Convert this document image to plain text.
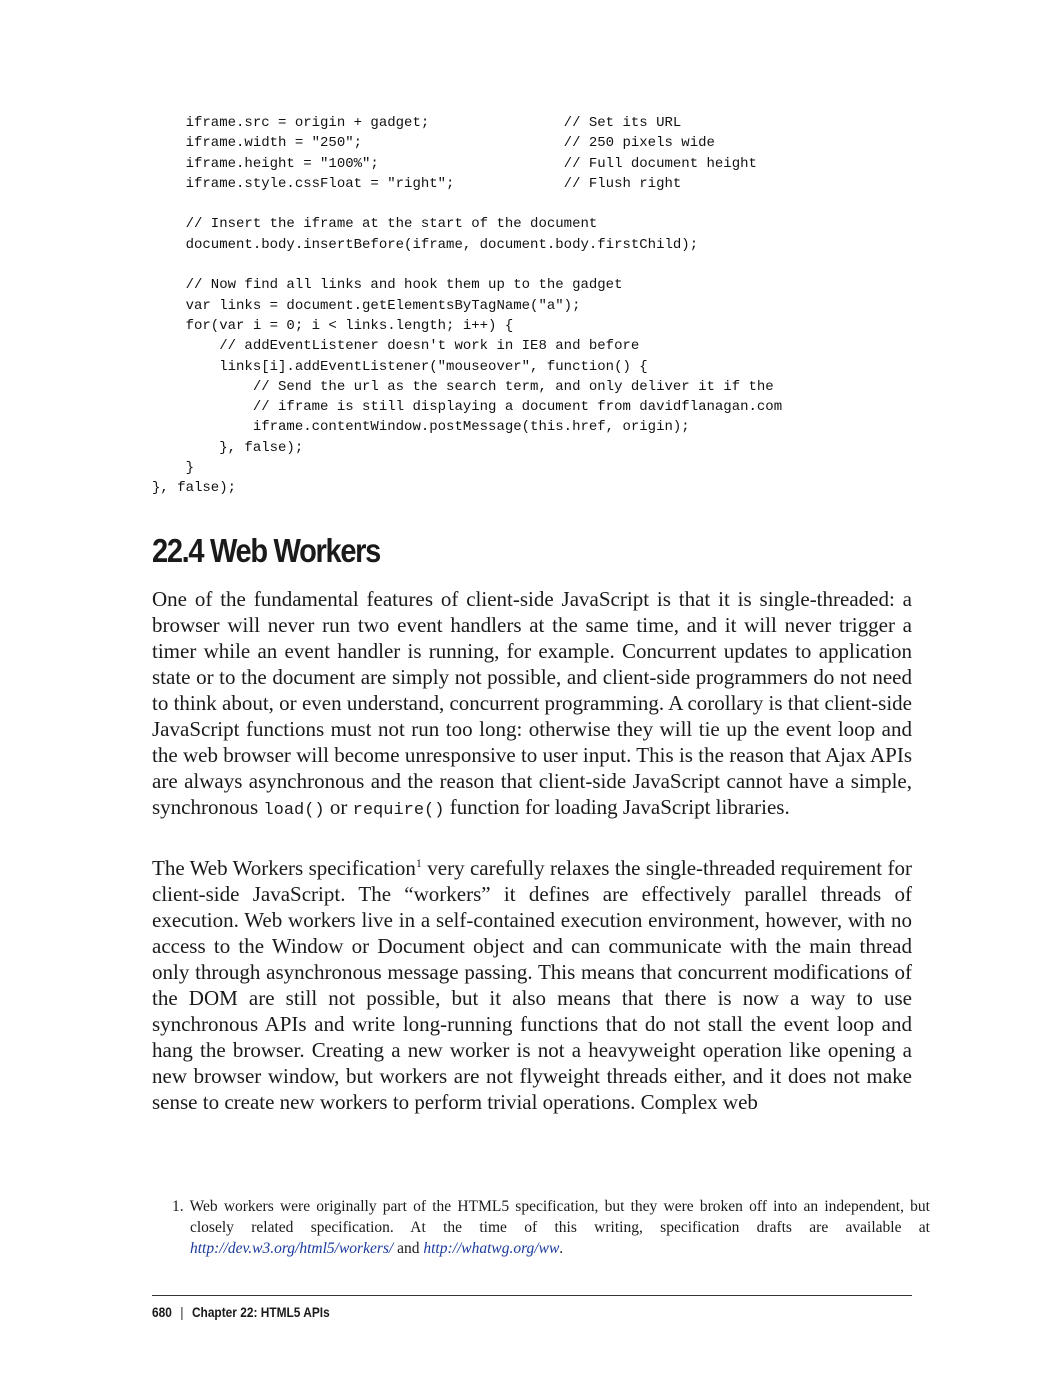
iframe.src = origin + gadget;                // Set its URL
iframe.width = "250";                        // 250 pixels wide
iframe.height = "100%";                      // Full document height
iframe.style.cssFloat = "right";             // Flush right

// Insert the iframe at the start of the document
document.body.insertBefore(iframe, document.body.firstChild);

// Now find all links and hook them up to the gadget
var links = document.getElementsByTagName("a");
for(var i = 0; i < links.length; i++) {
// addEventListener doesn't work in IE8 and before
links[i].addEventListener("mouseover", function() {
// Send the url as the search term, and only deliver it if the
// iframe is still displaying a document from davidflanagan.com
iframe.contentWindow.postMessage(this.href, origin);
}, false);
}
}, false);
22.4 Web Workers

One of the fundamental features of client-side JavaScript is that it is single-threaded: a browser will never run two event handlers at the same time, and it will never trigger a timer while an event handler is running, for example. Concurrent updates to application state or to the document are simply not possible, and client-side programmers do not need to think about, or even understand, concurrent programming. A corollary is that client-side JavaScript functions must not run too long: otherwise they will tie up the event loop and the web browser will become unresponsive to user input. This is the reason that Ajax APIs are always asynchronous and the reason that client-side JavaScript cannot have a simple, synchronous load() or require() function for loading JavaScript libraries.

The Web Workers specification$^1$ very carefully relaxes the single-threaded requirement for client-side JavaScript. The “workers” it defines are effectively parallel threads of execution. Web workers live in a self-contained execution environment, however, with no access to the Window or Document object and can communicate with the main thread only through asynchronous message passing. This means that concurrent modifications of the DOM are still not possible, but it also means that there is now a way to use synchronous APIs and write long-running functions that do not stall the event loop and hang the browser. Creating a new worker is not a heavyweight operation like opening a new browser window, but workers are not flyweight threads either, and it does not make sense to create new workers to perform trivial operations. Complex web

1. Web workers were originally part of the HTML5 specification, but they were broken off into an independent, but closely related specification. At the time of this writing, specification drafts are available at http://dev.w3.org/html5/workers/ and http://whatwg.org/ww.

680 | Chapter 22: HTML5 APIs
